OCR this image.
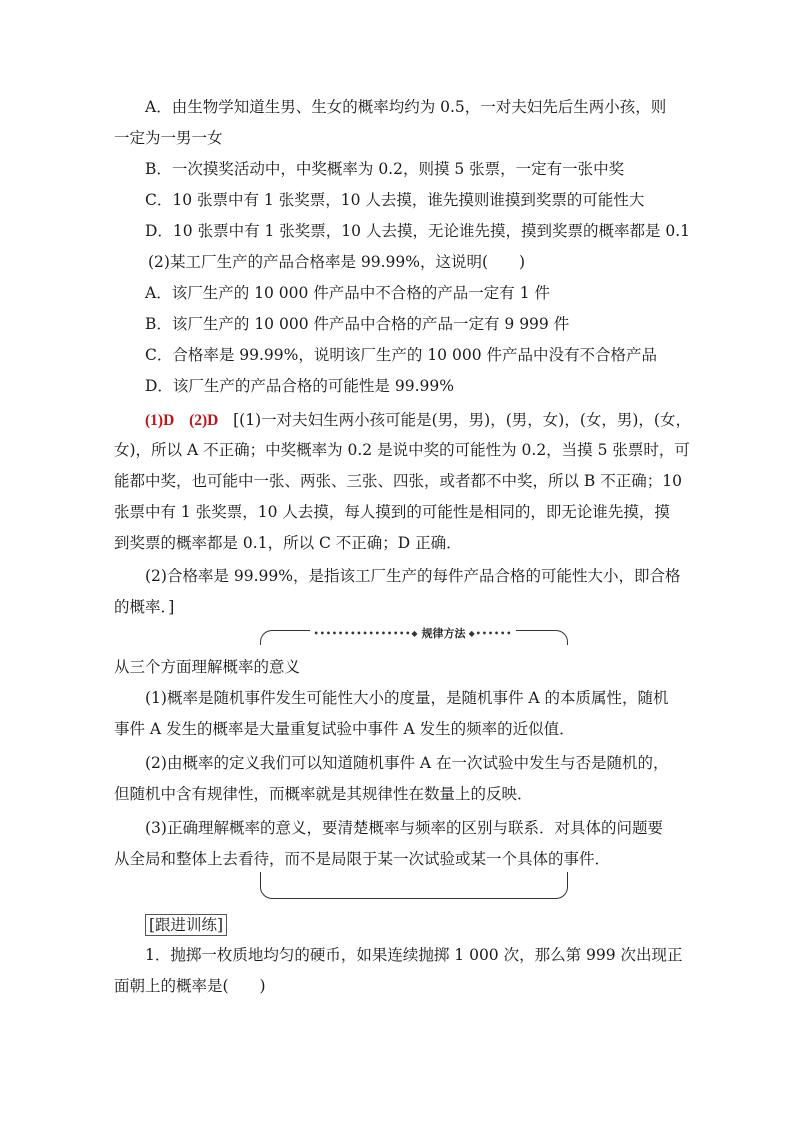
A．由生物学知道生男、生女的概率均约为 0.5，一对夫妇先后生两小孩，则
一定为一男一女
B．一次摸奖活动中，中奖概率为 0.2，则摸 5 张票，一定有一张中奖
C．10 张票中有 1 张奖票，10 人去摸，谁先摸则谁摸到奖票的可能性大
D．10 张票中有 1 张奖票，10 人去摸，无论谁先摸，摸到奖票的概率都是 0.1
(2)某工厂生产的产品合格率是 99.99%，这说明(　　)
A．该厂生产的 10 000 件产品中不合格的产品一定有 1 件
B．该厂生产的 10 000 件产品中合格的产品一定有 9 999 件
C．合格率是 99.99%，说明该厂生产的 10 000 件产品中没有不合格产品
D．该厂生产的产品合格的可能性是 99.99%
(1)D (2)D [(1)一对夫妇生两小孩可能是(男，男)，(男，女)，(女，男)，(女，
女)，所以 A 不正确；中奖概率为 0.2 是说中奖的可能性为 0.2，当摸 5 张票时，可
能都中奖，也可能中一张、两张、三张、四张，或者都不中奖，所以 B 不正确；10
张票中有 1 张奖票，10 人去摸，每人摸到的可能性是相同的，即无论谁先摸，摸
到奖票的概率都是 0.1，所以 C 不正确；D 正确．
(2)合格率是 99.99%，是指该工厂生产的每件产品合格的可能性大小，即合格
的概率．]
••••••••••••••••◆ 规律方法 ◆••••••
从三个方面理解概率的意义
(1)概率是随机事件发生可能性大小的度量，是随机事件 A 的本质属性，随机
事件 A 发生的概率是大量重复试验中事件 A 发生的频率的近似值．
(2)由概率的定义我们可以知道随机事件 A 在一次试验中发生与否是随机的，
但随机中含有规律性，而概率就是其规律性在数量上的反映．
(3)正确理解概率的意义，要清楚概率与频率的区别与联系．对具体的问题要
从全局和整体上去看待，而不是局限于某一次试验或某一个具体的事件．
[跟进训练]
1．抛掷一枚质地均匀的硬币，如果连续抛掷 1 000 次，那么第 999 次出现正
面朝上的概率是(　　)
